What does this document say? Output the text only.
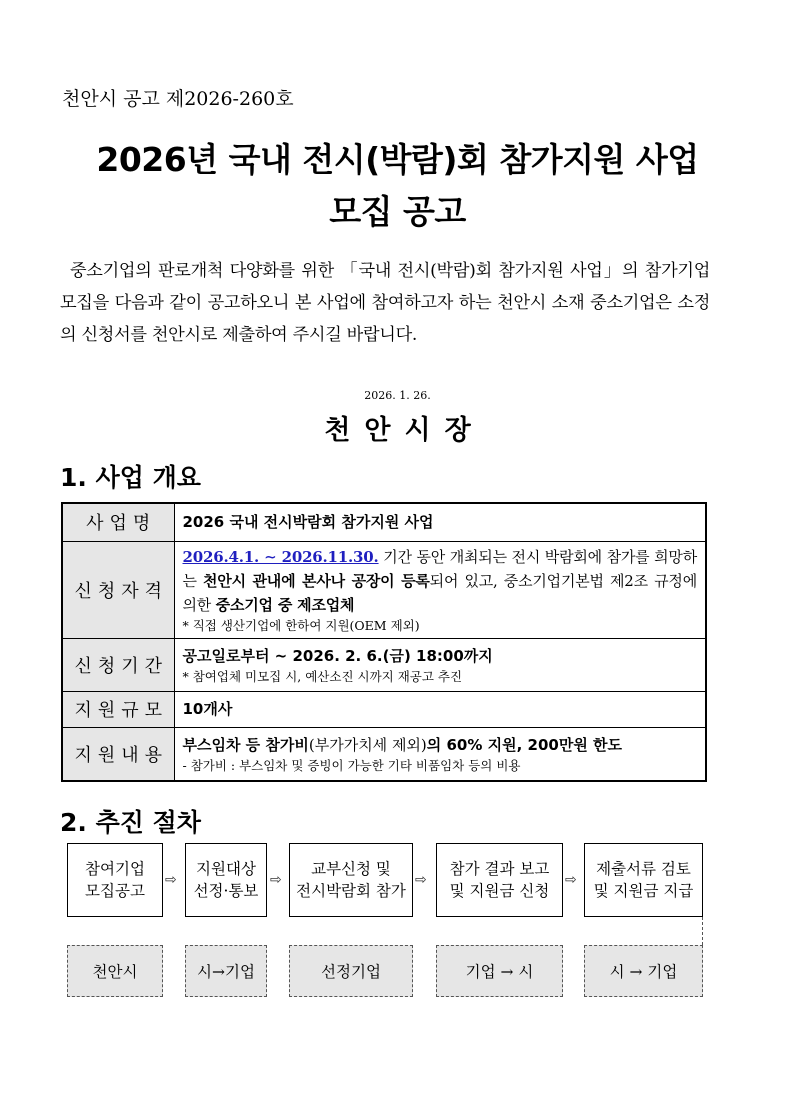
천안시 공고 제2026-260호
2026년 국내 전시(박람)회 참가지원 사업
모집 공고

중소기업의 판로개척 다양화를 위한 「국내 전시(박람)회 참가지원 사업」의 참가기업 모집을 다음과 같이 공고하오니 본 사업에 참여하고자 하는 천안시 소재 중소기업은 소정의 신청서를 천안시로 제출하여 주시길 바랍니다.

2026. 1. 26.
천안시장
1. 사업 개요
사업명	2026 국내 전시박람회 참가지원 사업
신청자격	2026.4.1. ∼ 2026.11.30. 기간 동안 개최되는 전시 박람회에 참가를 희망하는 천안시 관내에 본사나 공장이 등록되어 있고, 중소기업기본법 제2조 규정에 의한 중소기업 중 제조업체
* 직접 생산기업에 한하여 지원(OEM 제외)

신청기간	공고일로부터 ~ 2026. 2. 6.(금) 18:00까지
* 참여업체 미모집 시, 예산소진 시까지 재공고 추진

지원규모	10개사
지원내용	부스임차 등 참가비(부가가치세 제외)의 60% 지원, 200만원 한도
- 참가비 : 부스임차 및 증빙이 가능한 기타 비품임차 등의 비용
2. 추진 절차
참여기업
모집공고
⇨
지원대상
선정·통보
⇨
교부신청 및
전시박람회 참가
⇨
참가 결과 보고
및 지원금 신청
⇨
제출서류 검토
및 지원금 지급
천안시	시→기업	선정기업	기업 → 시	시 → 기업
